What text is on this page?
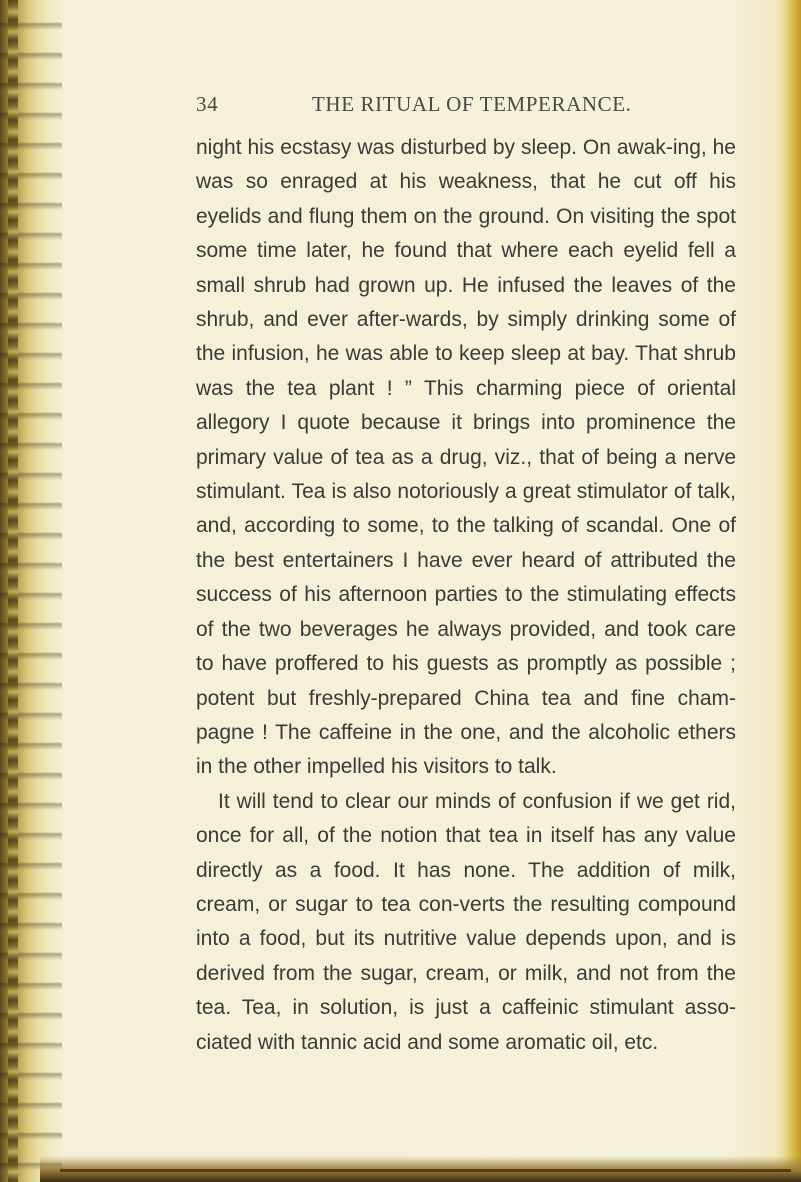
34	THE RITUAL OF TEMPERANCE.

night his ecstasy was disturbed by sleep. On awak-ing, he was so enraged at his weakness, that he cut off his eyelids and flung them on the ground. On visiting the spot some time later, he found that where each eyelid fell a small shrub had grown up. He infused the leaves of the shrub, and ever after-wards, by simply drinking some of the infusion, he was able to keep sleep at bay. That shrub was the tea plant ! ” This charming piece of oriental allegory I quote because it brings into prominence the primary value of tea as a drug, viz., that of being a nerve stimulant. Tea is also notoriously a great stimulator of talk, and, according to some, to the talking of scandal. One of the best entertainers I have ever heard of attributed the success of his afternoon parties to the stimulating effects of the two beverages he always provided, and took care to have proffered to his guests as promptly as possible ; potent but freshly-prepared China tea and fine cham-pagne ! The caffeine in the one, and the alcoholic ethers in the other impelled his visitors to talk.

It will tend to clear our minds of confusion if we get rid, once for all, of the notion that tea in itself has any value directly as a food. It has none. The addition of milk, cream, or sugar to tea con-verts the resulting compound into a food, but its nutritive value depends upon, and is derived from the sugar, cream, or milk, and not from the tea. Tea, in solution, is just a caffeinic stimulant asso-ciated with tannic acid and some aromatic oil, etc.
